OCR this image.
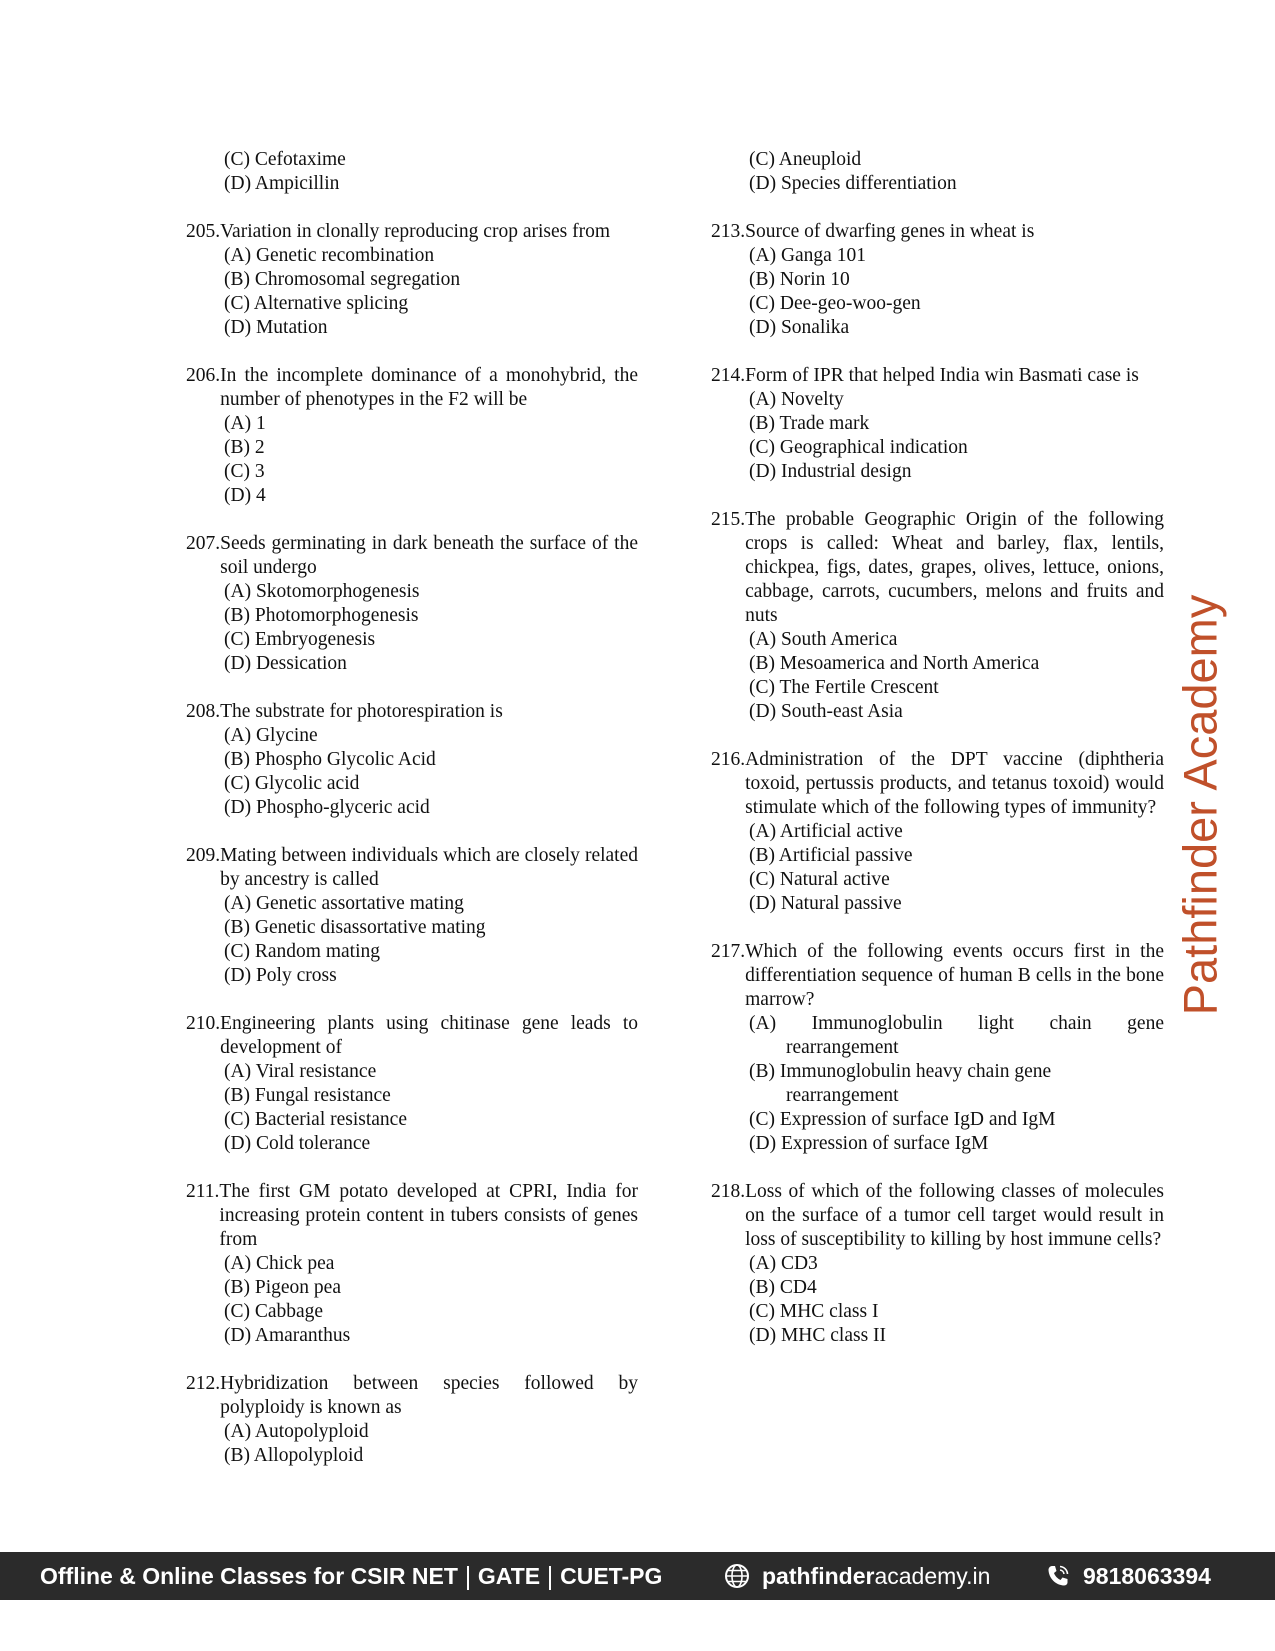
(C) Cefotaxime
(D) Ampicillin
205. Variation in clonally reproducing crop arises from
(A) Genetic recombination
(B) Chromosomal segregation
(C) Alternative splicing
(D) Mutation
206. In the incomplete dominance of a monohybrid, the number of phenotypes in the F2 will be
(A) 1
(B) 2
(C) 3
(D) 4
207. Seeds germinating in dark beneath the surface of the soil undergo
(A) Skotomorphogenesis
(B) Photomorphogenesis
(C) Embryogenesis
(D) Dessication
208. The substrate for photorespiration is
(A) Glycine
(B) Phospho Glycolic Acid
(C) Glycolic acid
(D) Phospho-glyceric acid
209. Mating between individuals which are closely related by ancestry is called
(A) Genetic assortative mating
(B) Genetic disassortative mating
(C) Random mating
(D) Poly cross
210. Engineering plants using chitinase gene leads to development of
(A) Viral resistance
(B) Fungal resistance
(C) Bacterial resistance
(D) Cold tolerance
211. The first GM potato developed at CPRI, India for increasing protein content in tubers consists of genes from
(A) Chick pea
(B) Pigeon pea
(C) Cabbage
(D) Amaranthus
212. Hybridization between species followed by polyploidy is known as
(A) Autopolyploid
(B) Allopolyploid
(C) Aneuploid
(D) Species differentiation
213. Source of dwarfing genes in wheat is
(A) Ganga 101
(B) Norin 10
(C) Dee-geo-woo-gen
(D) Sonalika
214. Form of IPR that helped India win Basmati case is
(A) Novelty
(B) Trade mark
(C) Geographical indication
(D) Industrial design
215. The probable Geographic Origin of the following crops is called: Wheat and barley, flax, lentils, chickpea, figs, dates, grapes, olives, lettuce, onions, cabbage, carrots, cucumbers, melons and fruits and nuts
(A) South America
(B) Mesoamerica and North America
(C) The Fertile Crescent
(D) South-east Asia
216. Administration of the DPT vaccine (diphtheria toxoid, pertussis products, and tetanus toxoid) would stimulate which of the following types of immunity?
(A) Artificial active
(B) Artificial passive
(C) Natural active
(D) Natural passive
217. Which of the following events occurs first in the differentiation sequence of human B cells in the bone marrow?
(A) Immunoglobulin light chain gene
rearrangement
(B) Immunoglobulin heavy chain gene
rearrangement
(C) Expression of surface IgD and IgM
(D) Expression of surface IgM
218. Loss of which of the following classes of molecules on the surface of a tumor cell target would result in loss of susceptibility to killing by host immune cells?
(A) CD3
(B) CD4
(C) MHC class I
(D) MHC class II
Pathfinder Academy
Offline & Online Classes for CSIR NET GATE CUET-PG	pathfinderacademy.in	9818063394
